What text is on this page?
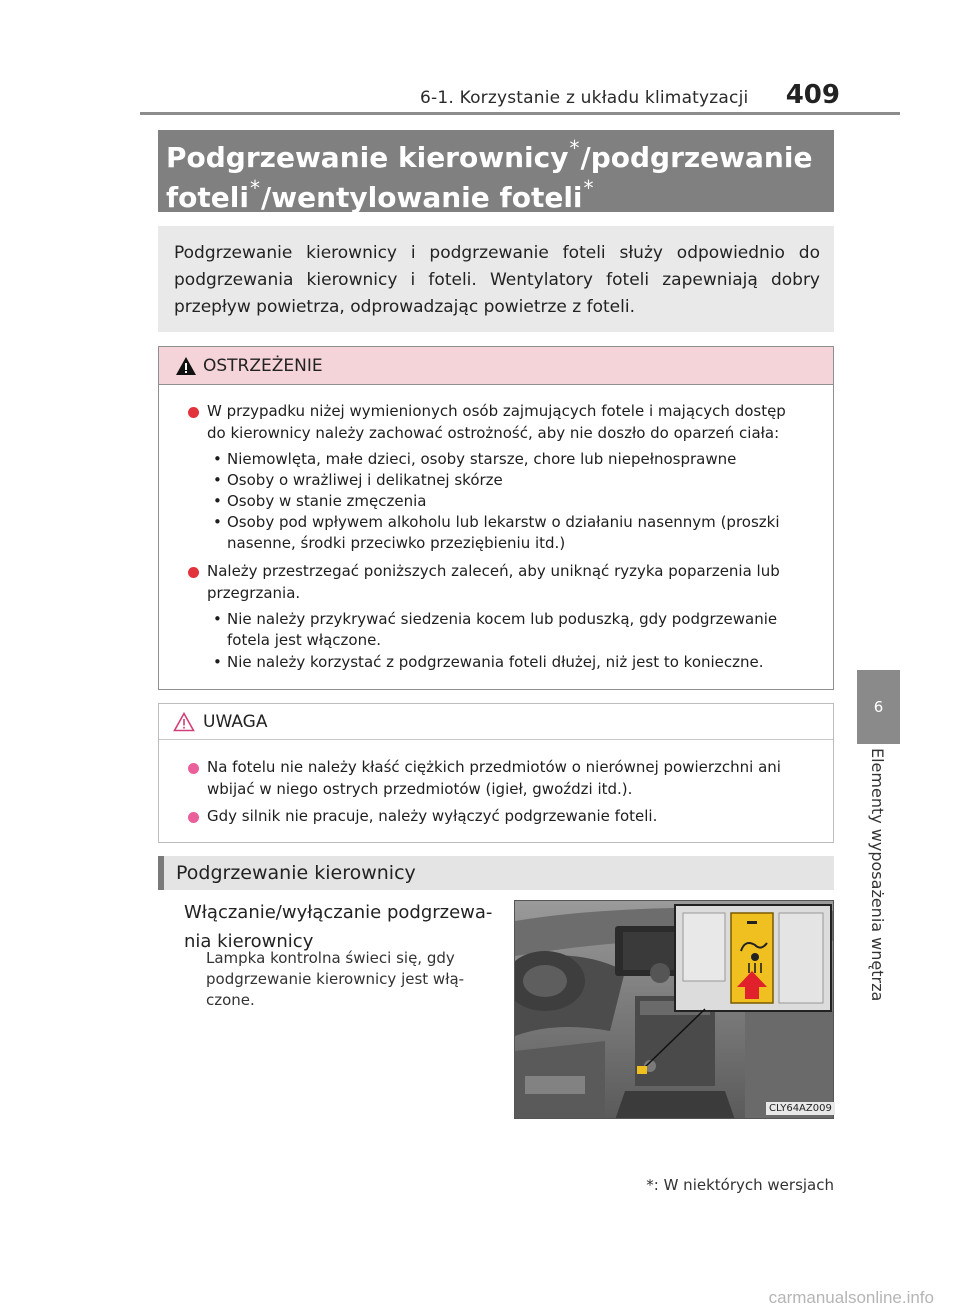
6-1. Korzystanie z układu klimatyzacji 409
6
Elementy wyposażenia wnętrza
Podgrzewanie kierownicy*/podgrzewanie
foteli*/wentylowanie foteli*
Podgrzewanie kierownicy i podgrzewanie foteli służy odpowiednio do podgrzewania kierownicy i foteli. Wentylatory foteli zapewniają dobry przepływ powietrza, odprowadzając powietrze z foteli.
OSTRZEŻENIE
W przypadku niżej wymienionych osób zajmujących fotele i mających dostęp
do kierownicy należy zachować ostrożność, aby nie doszło do oparzeń ciała:
• Niemowlęta, małe dzieci, osoby starsze, chore lub niepełnosprawne
• Osoby o wrażliwej i delikatnej skórze
• Osoby w stanie zmęczenia
• Osoby pod wpływem alkoholu lub lekarstw o działaniu nasennym (proszki
nasenne, środki przeciwko przeziębieniu itd.)
Należy przestrzegać poniższych zaleceń, aby uniknąć ryzyka poparzenia lub
przegrzania.
• Nie należy przykrywać siedzenia kocem lub poduszką, gdy podgrzewanie
fotela jest włączone.
• Nie należy korzystać z podgrzewania foteli dłużej, niż jest to konieczne.
UWAGA
Na fotelu nie należy kłaść ciężkich przedmiotów o nierównej powierzchni ani
wbijać w niego ostrych przedmiotów (igieł, gwoździ itd.).
Gdy silnik nie pracuje, należy wyłączyć podgrzewanie foteli.
Podgrzewanie kierownicy
Włączanie/wyłączanie podgrzewa-
nia kierownicy
Lampka kontrolna świeci się, gdy
podgrzewanie kierownicy jest włą-
czone.
CLY64AZ009
*: W niektórych wersjach
carmanualsonline.info
